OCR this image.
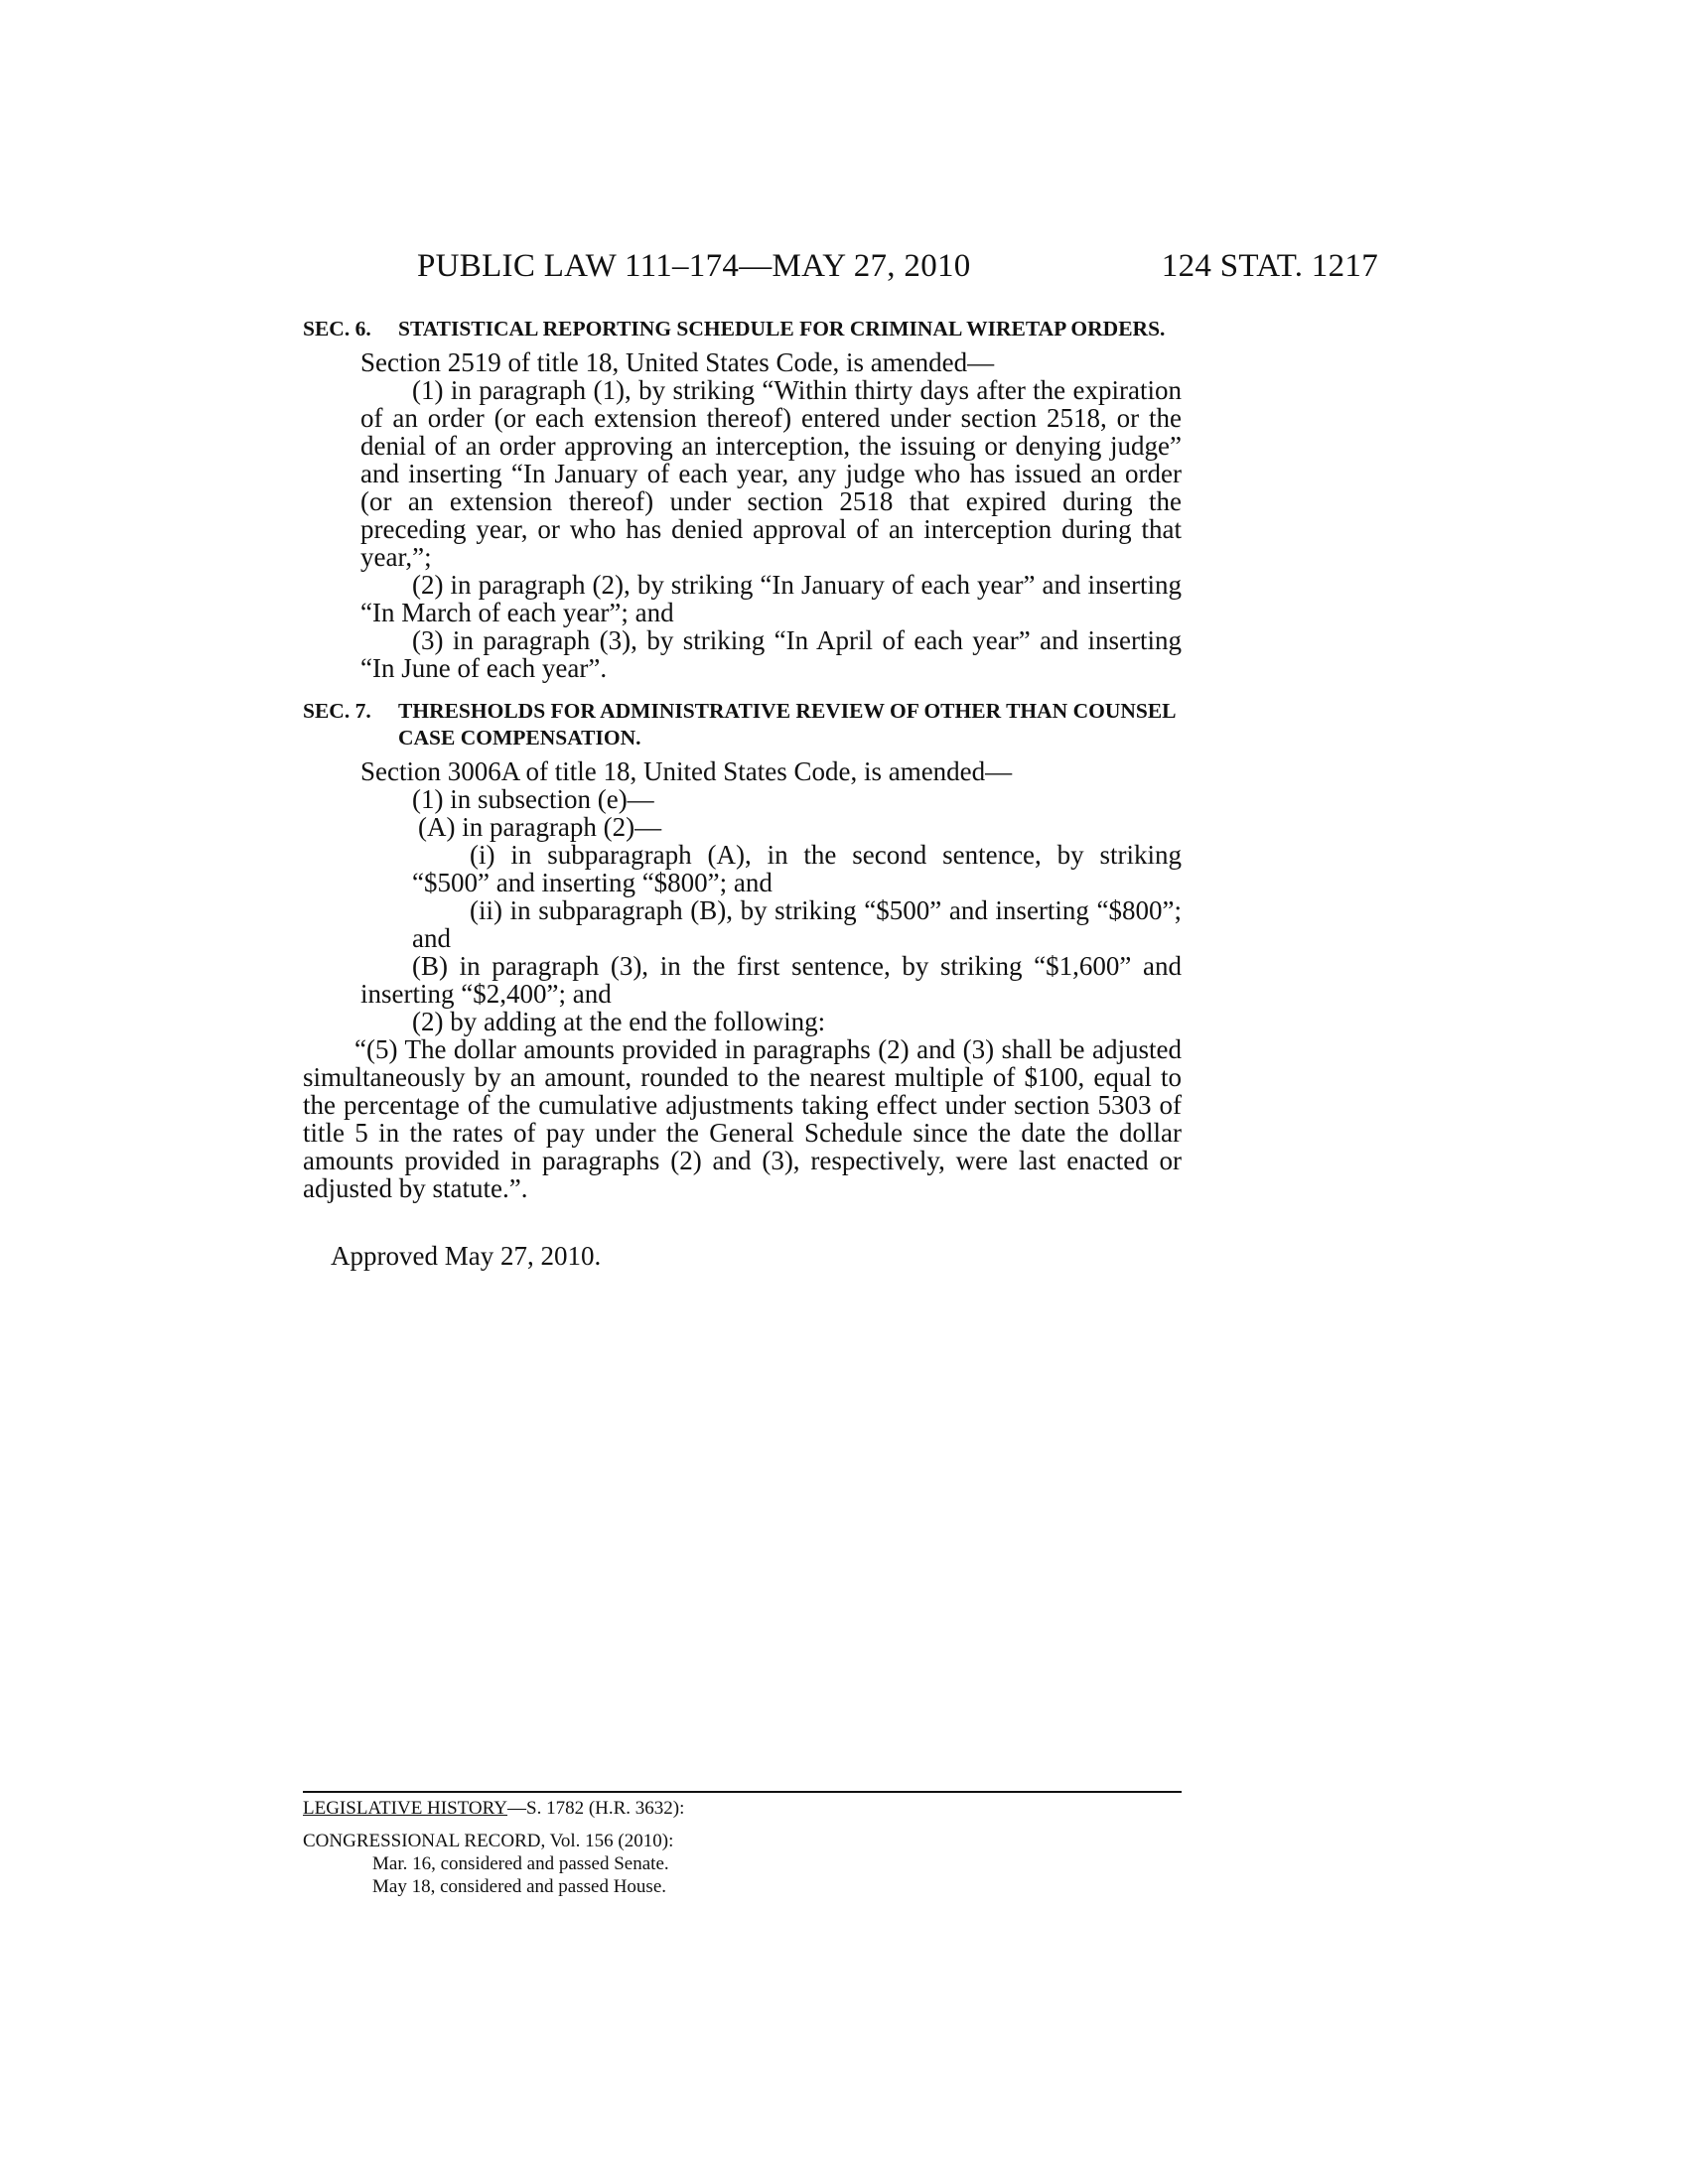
PUBLIC LAW 111–174—MAY 27, 2010	124 STAT. 1217
SEC. 6. STATISTICAL REPORTING SCHEDULE FOR CRIMINAL WIRETAP ORDERS.

Section 2519 of title 18, United States Code, is amended—

(1) in paragraph (1), by striking “Within thirty days after the expiration of an order (or each extension thereof) entered under section 2518, or the denial of an order approving an interception, the issuing or denying judge” and inserting “In January of each year, any judge who has issued an order (or an extension thereof) under section 2518 that expired during the preceding year, or who has denied approval of an interception during that year,”;

(2) in paragraph (2), by striking “In January of each year” and inserting “In March of each year”; and

(3) in paragraph (3), by striking “In April of each year” and inserting “In June of each year”.

SEC. 7. THRESHOLDS FOR ADMINISTRATIVE REVIEW OF OTHER THAN COUNSEL CASE COMPENSATION.

Section 3006A of title 18, United States Code, is amended—

(1) in subsection (e)—

(A) in paragraph (2)—

(i) in subparagraph (A), in the second sentence, by striking “$500” and inserting “$800”; and

(ii) in subparagraph (B), by striking “$500” and inserting “$800”; and

(B) in paragraph (3), in the first sentence, by striking “$1,600” and inserting “$2,400”; and

(2) by adding at the end the following:

“(5) The dollar amounts provided in paragraphs (2) and (3) shall be adjusted simultaneously by an amount, rounded to the nearest multiple of $100, equal to the percentage of the cumulative adjustments taking effect under section 5303 of title 5 in the rates of pay under the General Schedule since the date the dollar amounts provided in paragraphs (2) and (3), respectively, were last enacted or adjusted by statute.”.

Approved May 27, 2010.
LEGISLATIVE HISTORY—S. 1782 (H.R. 3632):
CONGRESSIONAL RECORD, Vol. 156 (2010):
Mar. 16, considered and passed Senate.
May 18, considered and passed House.
